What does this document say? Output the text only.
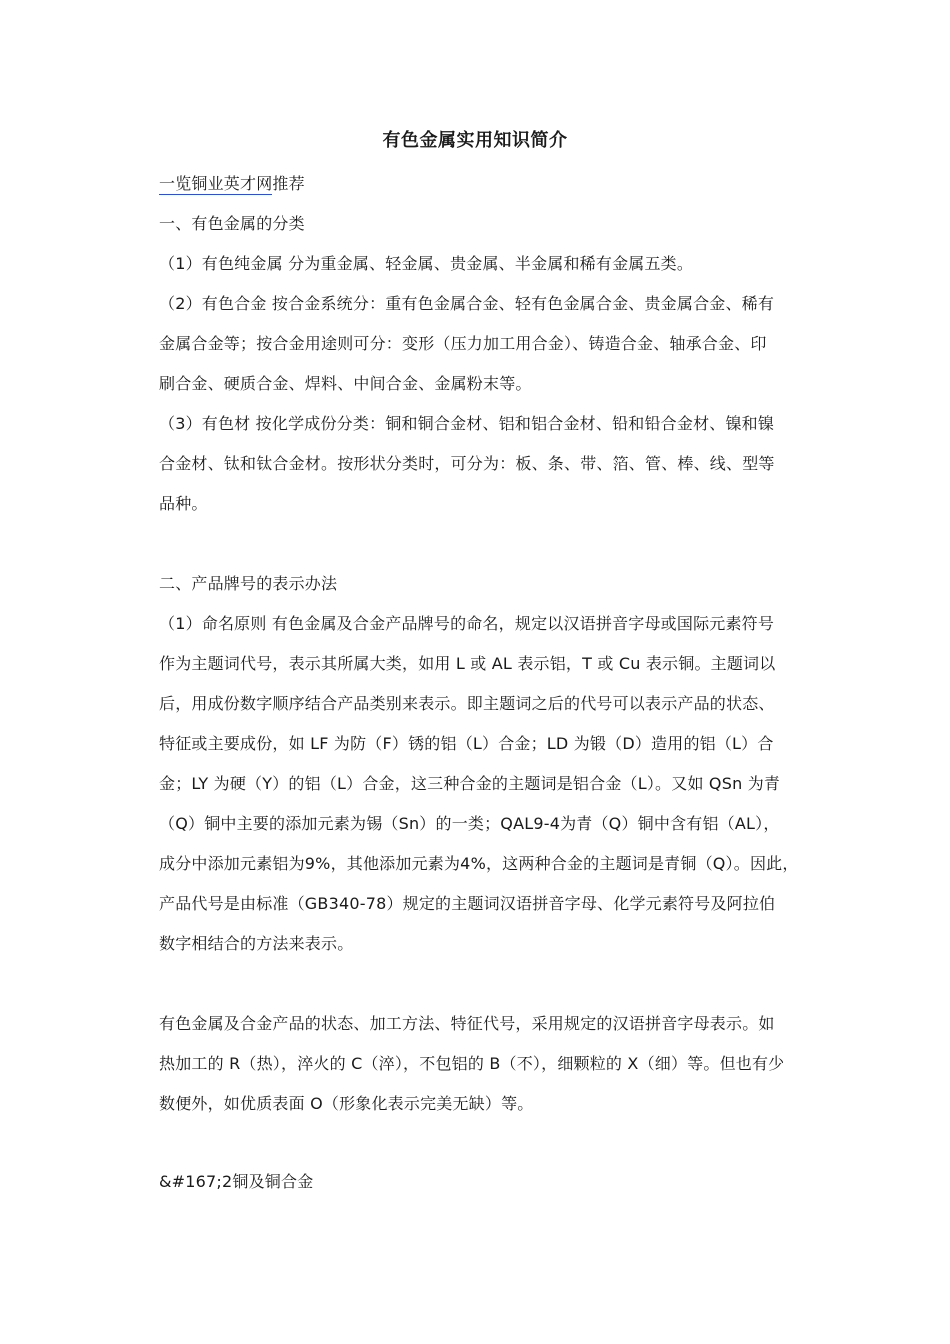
有色金属实用知识简介
一览铜业英才网推荐
一、有色金属的分类
（1）有色纯金属 分为重金属、轻金属、贵金属、半金属和稀有金属五类。
（2）有色合金 按合金系统分：重有色金属合金、轻有色金属合金、贵金属合金、稀有
金属合金等；按合金用途则可分：变形（压力加工用合金）、铸造合金、轴承合金、印
刷合金、硬质合金、焊料、中间合金、金属粉末等。
（3）有色材 按化学成份分类：铜和铜合金材、铝和铝合金材、铅和铅合金材、镍和镍
合金材、钛和钛合金材。按形状分类时，可分为：板、条、带、箔、管、棒、线、型等
品种。
二、产品牌号的表示办法
（1）命名原则 有色金属及合金产品牌号的命名，规定以汉语拼音字母或国际元素符号
作为主题词代号，表示其所属大类，如用 L 或 AL 表示铝，T 或 Cu 表示铜。主题词以
后，用成份数字顺序结合产品类别来表示。即主题词之后的代号可以表示产品的状态、
特征或主要成份，如 LF 为防（F）锈的铝（L）合金；LD 为锻（D）造用的铝（L）合
金；LY 为硬（Y）的铝（L）合金，这三种合金的主题词是铝合金（L）。又如 QSn 为青
（Q）铜中主要的添加元素为锡（Sn）的一类；QAL9-4为青（Q）铜中含有铝（AL），
成分中添加元素铝为9%，其他添加元素为4%，这两种合金的主题词是青铜（Q）。因此，
产品代号是由标准（GB340-78）规定的主题词汉语拼音字母、化学元素符号及阿拉伯
数字相结合的方法来表示。
有色金属及合金产品的状态、加工方法、特征代号，采用规定的汉语拼音字母表示。如
热加工的 R（热），淬火的 C（淬），不包铝的 B（不），细颗粒的 X（细）等。但也有少
数便外，如优质表面 O（形象化表示完美无缺）等。
&#167;2铜及铜合金
